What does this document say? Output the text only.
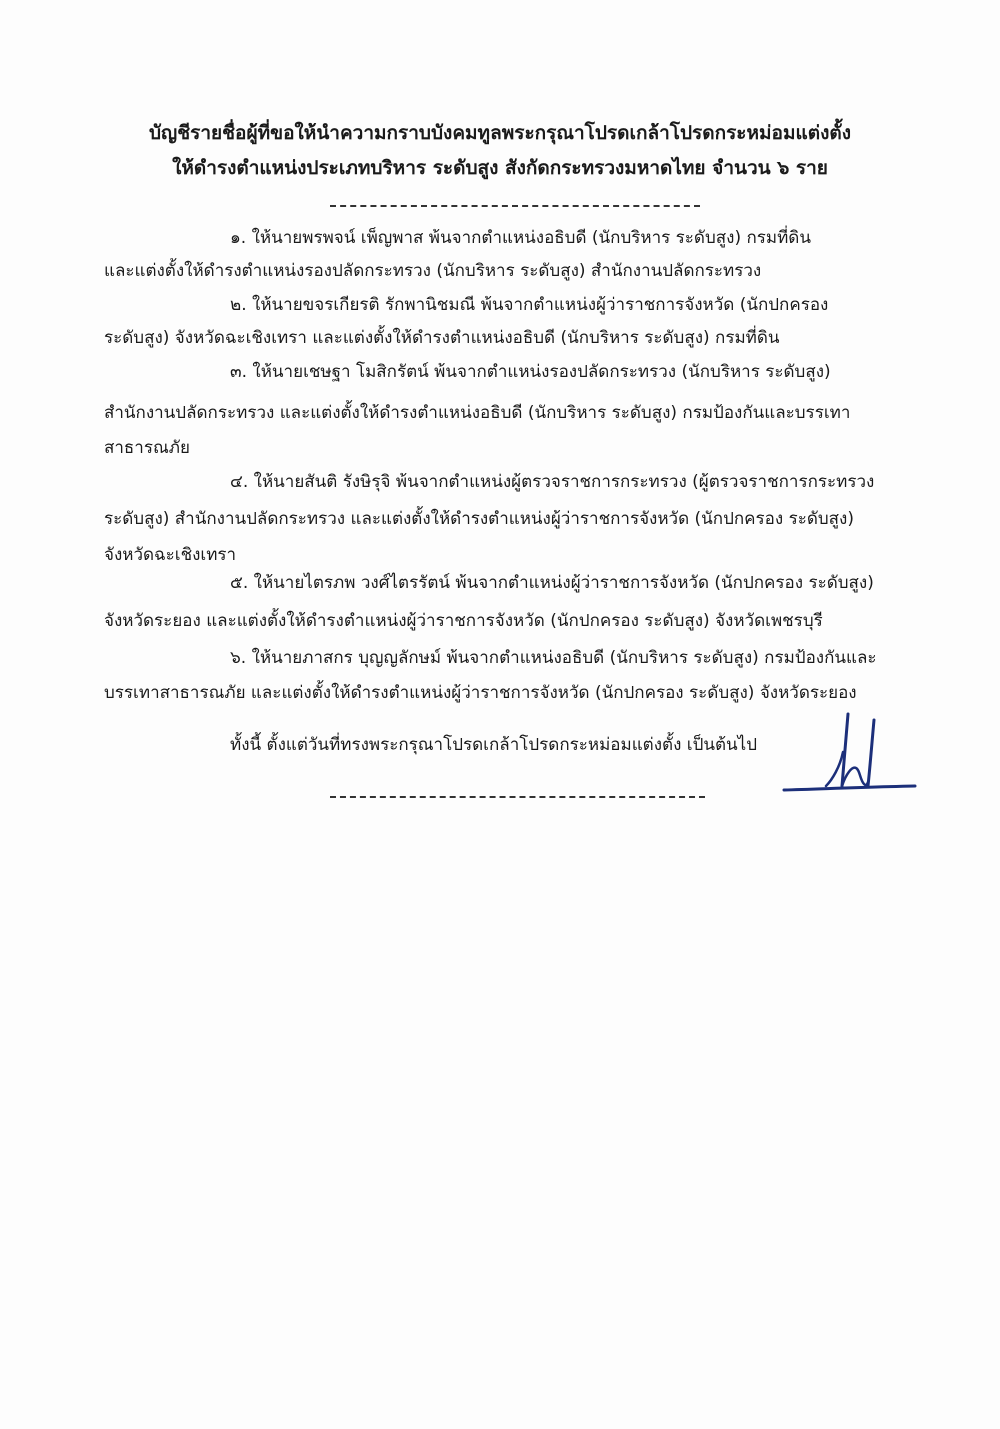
บัญชีรายชื่อผู้ที่ขอให้นำความกราบบังคมทูลพระกรุณาโปรดเกล้าโปรดกระหม่อมแต่งตั้ง
ให้ดำรงตำแหน่งประเภทบริหาร ระดับสูง สังกัดกระทรวงมหาดไทย จำนวน ๖ ราย
๑. ให้นายพรพจน์ เพ็ญพาส พ้นจากตำแหน่งอธิบดี (นักบริหาร ระดับสูง) กรมที่ดิน
และแต่งตั้งให้ดำรงตำแหน่งรองปลัดกระทรวง (นักบริหาร ระดับสูง) สำนักงานปลัดกระทรวง
๒. ให้นายขจรเกียรติ รักพานิชมณี พ้นจากตำแหน่งผู้ว่าราชการจังหวัด (นักปกครอง
ระดับสูง) จังหวัดฉะเชิงเทรา และแต่งตั้งให้ดำรงตำแหน่งอธิบดี (นักบริหาร ระดับสูง) กรมที่ดิน
๓. ให้นายเชษฐา โมสิกรัตน์ พ้นจากตำแหน่งรองปลัดกระทรวง (นักบริหาร ระดับสูง)
สำนักงานปลัดกระทรวง และแต่งตั้งให้ดำรงตำแหน่งอธิบดี (นักบริหาร ระดับสูง) กรมป้องกันและบรรเทา
สาธารณภัย
๔. ให้นายสันติ รังษิรุจิ พ้นจากตำแหน่งผู้ตรวจราชการกระทรวง (ผู้ตรวจราชการกระทรวง
ระดับสูง) สำนักงานปลัดกระทรวง และแต่งตั้งให้ดำรงตำแหน่งผู้ว่าราชการจังหวัด (นักปกครอง ระดับสูง)
จังหวัดฉะเชิงเทรา
๕. ให้นายไตรภพ วงศ์ไตรรัตน์ พ้นจากตำแหน่งผู้ว่าราชการจังหวัด (นักปกครอง ระดับสูง)
จังหวัดระยอง และแต่งตั้งให้ดำรงตำแหน่งผู้ว่าราชการจังหวัด (นักปกครอง ระดับสูง) จังหวัดเพชรบุรี
๖. ให้นายภาสกร บุญญลักษม์ พ้นจากตำแหน่งอธิบดี (นักบริหาร ระดับสูง) กรมป้องกันและ
บรรเทาสาธารณภัย และแต่งตั้งให้ดำรงตำแหน่งผู้ว่าราชการจังหวัด (นักปกครอง ระดับสูง) จังหวัดระยอง
ทั้งนี้ ตั้งแต่วันที่ทรงพระกรุณาโปรดเกล้าโปรดกระหม่อมแต่งตั้ง เป็นต้นไป
